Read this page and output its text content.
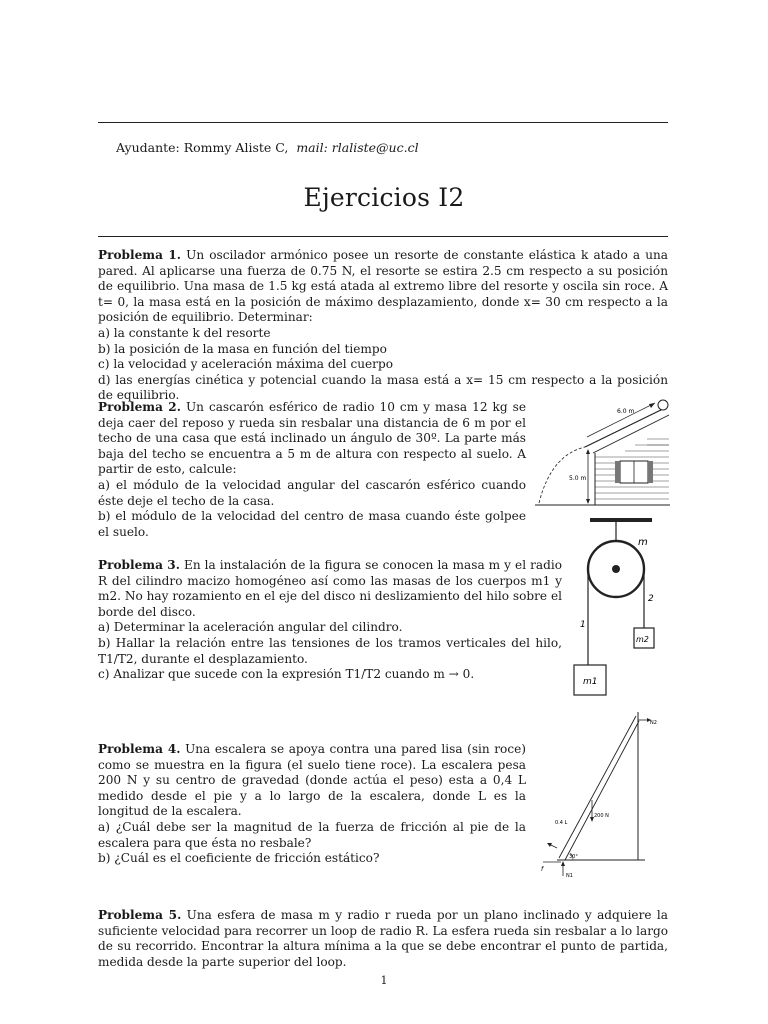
Ayudante: Rommy Aliste C, mail: rlaliste@uc.cl
Ejercicios I2

Problema 1. Un oscilador armónico posee un resorte de constante elástica k atado a una pared. Al aplicarse una fuerza de 0.75 N, el resorte se estira 2.5 cm respecto a su posición de equilibrio. Una masa de 1.5 kg está atada al extremo libre del resorte y oscila sin roce. A t= 0, la masa está en la posición de máximo desplazamiento, donde x= 30 cm respecto a la posición de equilibrio. Determinar:

a) la constante k del resorte
b) la posición de la masa en función del tiempo
c) la velocidad y aceleración máxima del cuerpo
d) las energías cinética y potencial cuando la masa está a x= 15 cm respecto a la posición de equilibrio.

Problema 2. Un cascarón esférico de radio 10 cm y masa 12 kg se deja caer del reposo y rueda sin resbalar una distancia de 6 m por el techo de una casa que está inclinado un ángulo de 30º. La parte más baja del techo se encuentra a 5 m de altura con respecto al suelo. A partir de esto, calcule:

a) el módulo de la velocidad angular del cascarón esférico cuando éste deje el techo de la casa.
b) el módulo de la velocidad del centro de masa cuando éste golpee el suelo.
5.0 m
6.0 m

Problema 3. En la instalación de la figura se conocen la masa m y el radio R del cilindro macizo homogéneo así como las masas de los cuerpos m1 y m2. No hay rozamiento en el eje del disco ni deslizamiento del hilo sobre el borde del disco.

a) Determinar la aceleración angular del cilindro.
b) Hallar la relación entre las tensiones de los tramos verticales del hilo, T1/T2, durante el desplazamiento.
c) Analizar que sucede con la expresión T1/T2 cuando m → 0.
m
1
2
m1
m2

Problema 4. Una escalera se apoya contra una pared lisa (sin roce) como se muestra en la figura (el suelo tiene roce). La escalera pesa 200 N y su centro de gravedad (donde actúa el peso) esta a 0,4 L medido desde el pie y a lo largo de la escalera, donde L es la longitud de la escalera.

a) ¿Cuál debe ser la magnitud de la fuerza de fricción al pie de la escalera para que ésta no resbale?
b) ¿Cuál es el coeficiente de fricción estático?
N2
200 N
0.4 L
30°
N1
f

Problema 5. Una esfera de masa m y radio r rueda por un plano inclinado y adquiere la suficiente velocidad para recorrer un loop de radio R. La esfera rueda sin resbalar a lo largo de su recorrido. Encontrar la altura mínima a la que se debe encontrar el punto de partida, medida desde la parte superior del loop.

1
